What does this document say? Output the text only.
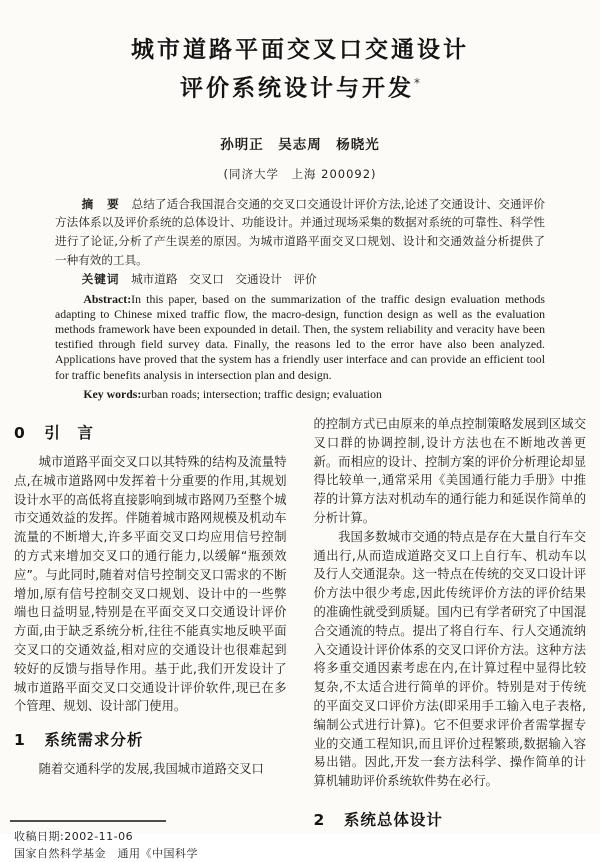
城市道路平面交叉口交通设计
评价系统设计与开发*
孙明正　吴志周　杨晓光
(同济大学　上海 200092)

摘　要　 总结了适合我国混合交通的交叉口交通设计评价方法,论述了交通设计、交通评价方法体系以及评价系统的总体设计、功能设计。并通过现场采集的数据对系统的可靠性、科学性进行了论证,分析了产生误差的原因。为城市道路平面交叉口规划、设计和交通效益分析提供了一种有效的工具。

关键词 城市道路　交叉口　交通设计　评价

Abstract:In this paper, based on the summarization of the traffic design evaluation methods adapting to Chinese mixed traffic flow, the macro-design, function design as well as the evaluation methods framework have been expounded in detail. Then, the system reliability and veracity have been testified through field survey data. Finally, the reasons led to the error have also been analyzed. Applications have proved that the system has a friendly user interface and can provide an efficient tool for traffic benefits analysis in intersection plan and design.

Key words:urban roads; intersection; traffic design; evaluation

0 引　言

城市道路平面交叉口以其特殊的结构及流量特点,在城市道路网中发挥着十分重要的作用,其规划设计水平的高低将直接影响到城市路网乃至整个城市交通效益的发挥。伴随着城市路网规模及机动车流量的不断增大,许多平面交叉口均应用信号控制的方式来增加交叉口的通行能力,以缓解“瓶颈效应”。与此同时,随着对信号控制交叉口需求的不断增加,原有信号控制交叉口规划、设计中的一些弊端也日益明显,特别是在平面交叉口交通设计评价方面,由于缺乏系统分析,往往不能真实地反映平面交叉口的交通效益,相对应的交通设计也很难起到较好的反馈与指导作用。基于此,我们开发设计了城市道路平面交叉口交通设计评价软件,现已在多个管理、规划、设计部门使用。

1 系统需求分析

随着交通科学的发展,我国城市道路交叉口

收稿日期:2002-11-06
国家自然科学基金　通用《中国科学

的控制方式已由原来的单点控制策略发展到区域交叉口群的协调控制,设计方法也在不断地改善更新。而相应的设计、控制方案的评价分析理论却显得比较单一,通常采用《美国通行能力手册》中推荐的计算方法对机动车的通行能力和延误作简单的分析计算。

我国多数城市交通的特点是存在大量自行车交通出行,从而造成道路交叉口上自行车、机动车以及行人交通混杂。这一特点在传统的交叉口设计评价方法中很少考虑,因此传统评价方法的评价结果的准确性就受到质疑。国内已有学者研究了中国混合交通流的特点。提出了将自行车、行人交通流纳入交通设计评价体系的交叉口评价方法。这种方法将多重交通因素考虑在内,在计算过程中显得比较复杂,不太适合进行简单的评价。特别是对于传统的平面交叉口评价方法(即采用手工输入电子表格,编制公式进行计算)。它不但要求评价者需掌握专业的交通工程知识,而且评价过程繁琐,数据输入容易出错。因此,开发一套方法科学、操作简单的计算机辅助评价系统软件势在必行。

2 系统总体设计
